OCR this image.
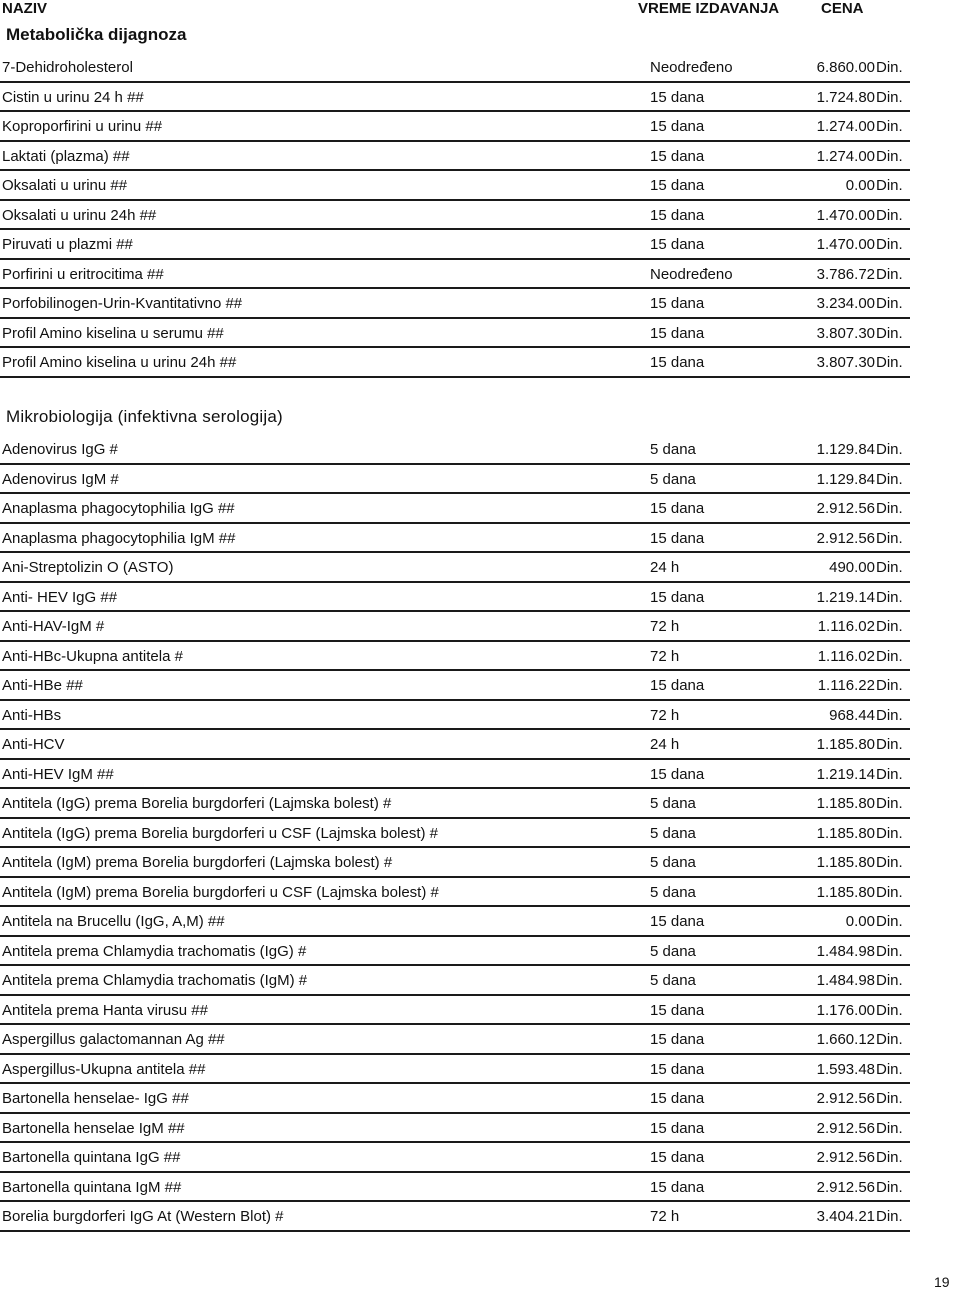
NAZIV	VREME IZDAVANJA	CENA
Metabolička dijagnoza
7-Dehidroholesterol	Neodređeno	6.860.00 Din.
Cistin u urinu 24 h ##	15 dana	1.724.80 Din.
Koproporfirini u urinu ##	15 dana	1.274.00 Din.
Laktati (plazma) ##	15 dana	1.274.00 Din.
Oksalati u urinu ##	15 dana	0.00 Din.
Oksalati u urinu 24h ##	15 dana	1.470.00 Din.
Piruvati u plazmi ##	15 dana	1.470.00 Din.
Porfirini u eritrocitima ##	Neodređeno	3.786.72 Din.
Porfobilinogen-Urin-Kvantitativno ##	15 dana	3.234.00 Din.
Profil Amino kiselina u serumu ##	15 dana	3.807.30 Din.
Profil Amino kiselina u urinu 24h ##	15 dana	3.807.30 Din.
Mikrobiologija (infektivna serologija)
Adenovirus IgG #	5 dana	1.129.84 Din.
Adenovirus IgM #	5 dana	1.129.84 Din.
Anaplasma phagocytophilia IgG ##	15 dana	2.912.56 Din.
Anaplasma phagocytophilia IgM ##	15 dana	2.912.56 Din.
Ani-Streptolizin O (ASTO)	24 h	490.00 Din.
Anti- HEV IgG ##	15 dana	1.219.14 Din.
Anti-HAV-IgM #	72 h	1.116.02 Din.
Anti-HBc-Ukupna antitela #	72 h	1.116.02 Din.
Anti-HBe ##	15 dana	1.116.22 Din.
Anti-HBs	72 h	968.44 Din.
Anti-HCV	24 h	1.185.80 Din.
Anti-HEV IgM ##	15 dana	1.219.14 Din.
Antitela (IgG) prema Borelia burgdorferi (Lajmska bolest) #	5 dana	1.185.80 Din.
Antitela (IgG) prema Borelia burgdorferi u CSF (Lajmska bolest) #	5 dana	1.185.80 Din.
Antitela (IgM) prema Borelia burgdorferi (Lajmska bolest) #	5 dana	1.185.80 Din.
Antitela (IgM) prema Borelia burgdorferi u CSF (Lajmska bolest) #	5 dana	1.185.80 Din.
Antitela na Brucellu (IgG, A,M) ##	15 dana	0.00 Din.
Antitela prema Chlamydia trachomatis (IgG) #	5 dana	1.484.98 Din.
Antitela prema Chlamydia trachomatis (IgM) #	5 dana	1.484.98 Din.
Antitela prema Hanta virusu ##	15 dana	1.176.00 Din.
Aspergillus galactomannan Ag ##	15 dana	1.660.12 Din.
Aspergillus-Ukupna antitela ##	15 dana	1.593.48 Din.
Bartonella henselae- IgG ##	15 dana	2.912.56 Din.
Bartonella henselae IgM ##	15 dana	2.912.56 Din.
Bartonella quintana IgG ##	15 dana	2.912.56 Din.
Bartonella quintana IgM ##	15 dana	2.912.56 Din.
Borelia burgdorferi IgG At (Western Blot) #	72 h	3.404.21 Din.
19
